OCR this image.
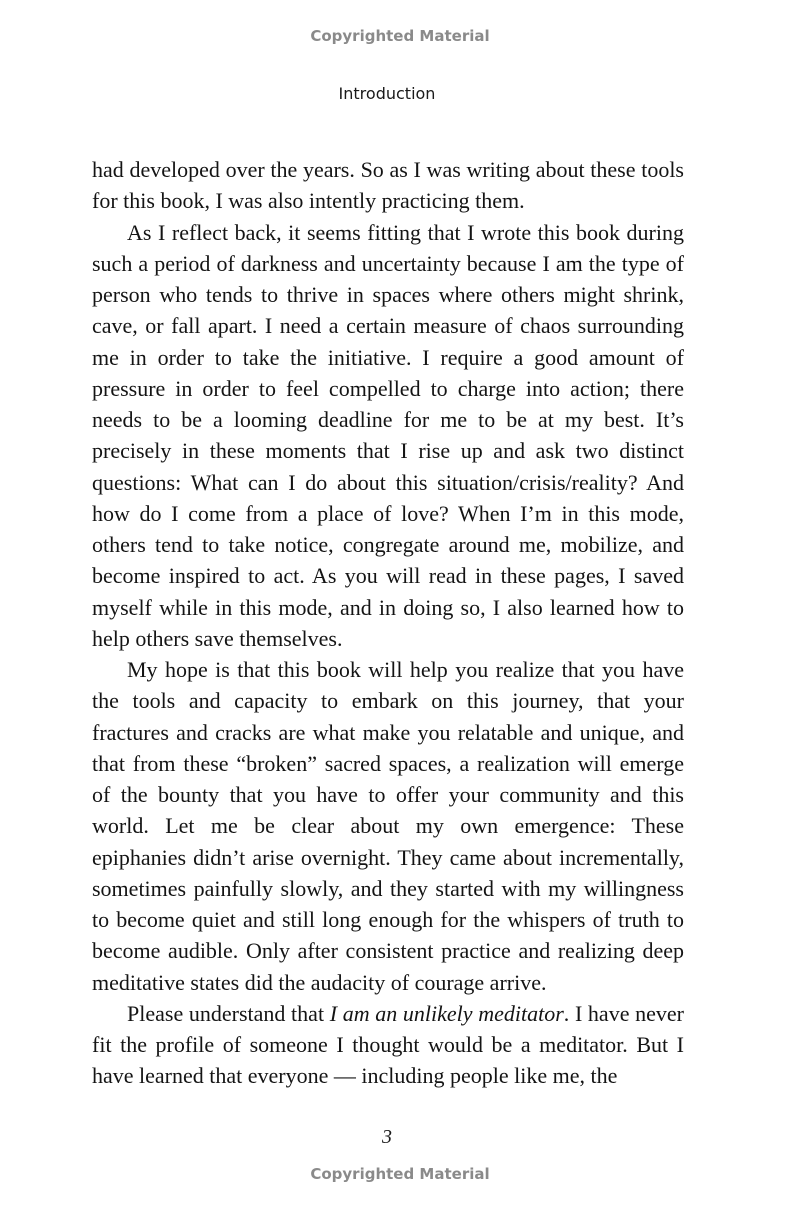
Copyrighted Material
Introduction

had developed over the years. So as I was writing about these tools for this book, I was also intently practicing them.

As I reflect back, it seems fitting that I wrote this book during such a period of darkness and uncertainty because I am the type of person who tends to thrive in spaces where others might shrink, cave, or fall apart. I need a certain measure of chaos surrounding me in order to take the initiative. I require a good amount of pressure in order to feel compelled to charge into action; there needs to be a looming deadline for me to be at my best. It’s precisely in these moments that I rise up and ask two distinct questions: What can I do about this situation/crisis/reality? And how do I come from a place of love? When I’m in this mode, others tend to take notice, congregate around me, mobilize, and become inspired to act. As you will read in these pages, I saved myself while in this mode, and in doing so, I also learned how to help others save themselves.

My hope is that this book will help you realize that you have the tools and capacity to embark on this journey, that your fractures and cracks are what make you relatable and unique, and that from these “broken” sacred spaces, a realization will emerge of the bounty that you have to offer your community and this world. Let me be clear about my own emergence: These epiphanies didn’t arise overnight. They came about incrementally, sometimes painfully slowly, and they started with my willingness to become quiet and still long enough for the whispers of truth to become audible. Only after consistent practice and realizing deep meditative states did the audacity of courage arrive.

Please understand that I am an unlikely meditator. I have never fit the profile of someone I thought would be a meditator. But I have learned that everyone — including people like me, the

3
Copyrighted Material
